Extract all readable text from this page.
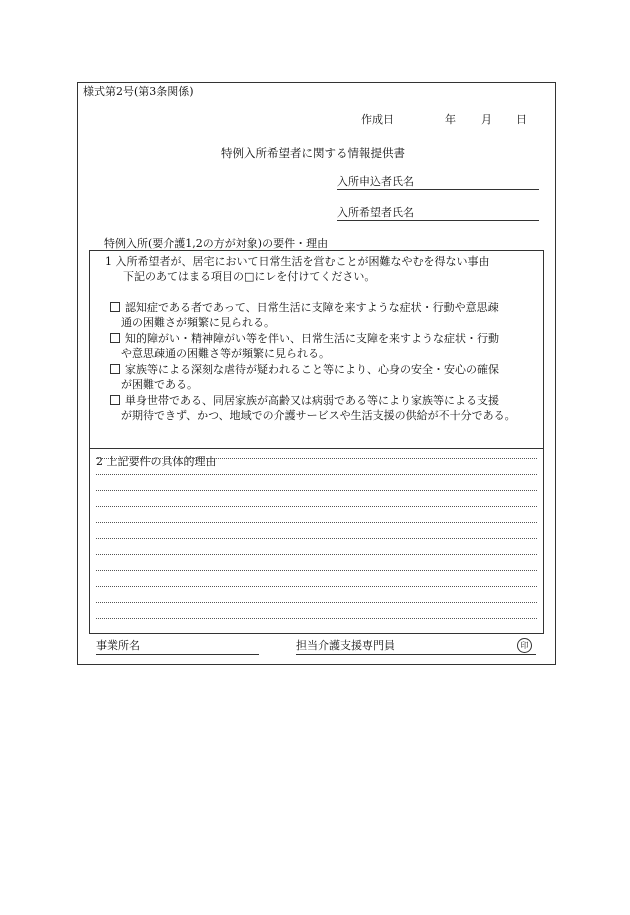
様式第2号(第3条関係)
作成日	年 月 日
特例入所希望者に関する情報提供書
入所申込者氏名
入所希望者氏名
特例入所(要介護1,2の方が対象)の要件・理由
1 入所希望者が、居宅において日常生活を営むことが困難なやむを得ない事由
下記のあてはまる項目の□にレを付けてください。
認知症である者であって、日常生活に支障を来すような症状・行動や意思疎
通の困難さが頻繁に見られる。
知的障がい・精神障がい等を伴い、日常生活に支障を来すような症状・行動
や意思疎通の困難さ等が頻繁に見られる。
家族等による深刻な虐待が疑われること等により、心身の安全・安心の確保
が困難である。
単身世帯である、同居家族が高齢又は病弱である等により家族等による支援
が期待できず、かつ、地域での介護サービスや生活支援の供給が不十分である。
2 上記要件の具体的理由
事業所名	担当介護支援専門員	印
